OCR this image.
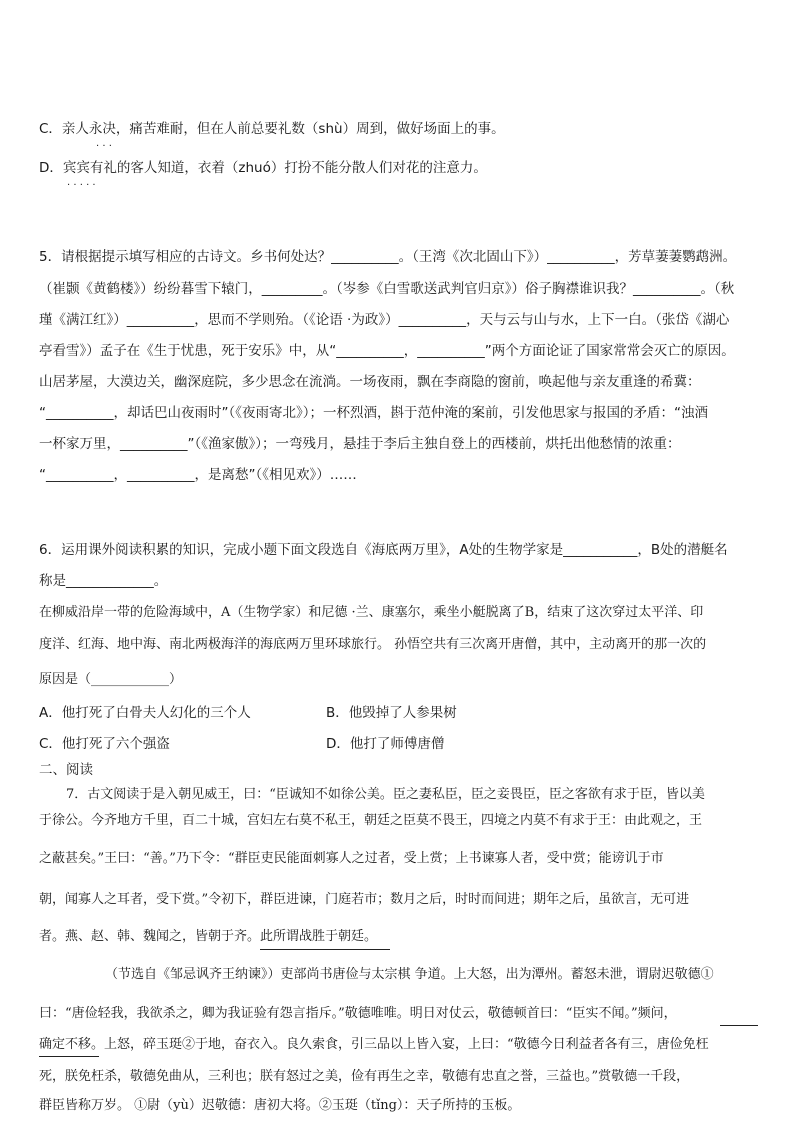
C．亲人永决，痛苦难耐，但在人前总要礼数（shù）周到，做好场面上的事。
· · ·
D．宾宾有礼的客人知道，衣着（zhuó）打扮不能分散人们对花的注意力。
· · · · ·
5．请根据提示填写相应的古诗文。乡书何处达？__________。（王湾《次北固山下》）__________，芳草萋萋鹦鹉洲。
（崔颢《黄鹤楼》）纷纷暮雪下辕门，_________。（岑参《白雪歌送武判官归京》）俗子胸襟谁识我？__________。（秋
瑾《满江红》）__________，思而不学则殆。（《论语 ·为政》）__________，天与云与山与水，上下一白。（张岱《湖心
亭看雪》）孟子在《生于忧患，死于安乐》中，从“__________，__________”两个方面论证了国家常常会灭亡的原因。
山居茅屋，大漠边关，幽深庭院，多少思念在流淌。一场夜雨，飘在李商隐的窗前，唤起他与亲友重逢的希冀：
“__________，却话巴山夜雨时”（《夜雨寄北》）；一杯烈酒，斟于范仲淹的案前，引发他思家与报国的矛盾：“浊酒
一杯家万里，__________”（《渔家傲》）；一弯残月，悬挂于李后主独自登上的西楼前，烘托出他愁情的浓重：
“__________，__________，是离愁”（《相见欢》）……
6．运用课外阅读积累的知识，完成小题下面文段选自《海底两万里》，A处的生物学家是___________，B处的潜艇名
称是_____________。
在柳威沿岸一带的危险海域中，A（生物学家）和尼德 ·兰、康塞尔，乘坐小艇脱离了B，结束了这次穿过太平洋、印
度洋、红海、地中海、南北两极海洋的海底两万里环球旅行。 孙悟空共有三次离开唐僧，其中，主动离开的那一次的
原因是（____________）
A．他打死了白骨夫人幻化的三个人	B．他毁掉了人参果树
C．他打死了六个强盗	D．他打了师傅唐僧
二、阅读
7．古文阅读于是入朝见威王，曰：“臣诚知不如徐公美。臣之妻私臣，臣之妾畏臣，臣之客欲有求于臣，皆以美
于徐公。今齐地方千里，百二十城，宫妇左右莫不私王，朝廷之臣莫不畏王，四境之内莫不有求于王：由此观之，王
之蔽甚矣。”王曰：“善。”乃下令：“群臣吏民能面刺寡人之过者，受上赏；上书谏寡人者，受中赏；能谤讥于市
朝，闻寡人之耳者，受下赏。”令初下，群臣进谏，门庭若市；数月之后，时时而间进；期年之后，虽欲言，无可进
者。燕、赵、韩、魏闻之，皆朝于齐。此所谓战胜于朝廷。
（节选自《邹忌讽齐王纳谏》）吏部尚书唐俭与太宗棋 争道。上大怒，出为潭州。蓄怒未泄，谓尉迟敬德①
曰：“唐俭轻我，我欲杀之，卿为我证验有怨言指斥。”敬德唯唯。明日对仗云，敬德顿首曰：“臣实不闻。”频问，
确定不移。上怒，碎玉珽②于地，奋衣入。良久索食，引三品以上皆入宴，上曰：“敬德今日利益者各有三，唐俭免枉
死，朕免枉杀，敬德免曲从，三利也；朕有怒过之美，俭有再生之幸，敬德有忠直之誉，三益也。”赏敬德一千段，
群臣皆称万岁。 ①尉（yù）迟敬德：唐初大将。②玉珽（tǐng）：天子所持的玉板。
